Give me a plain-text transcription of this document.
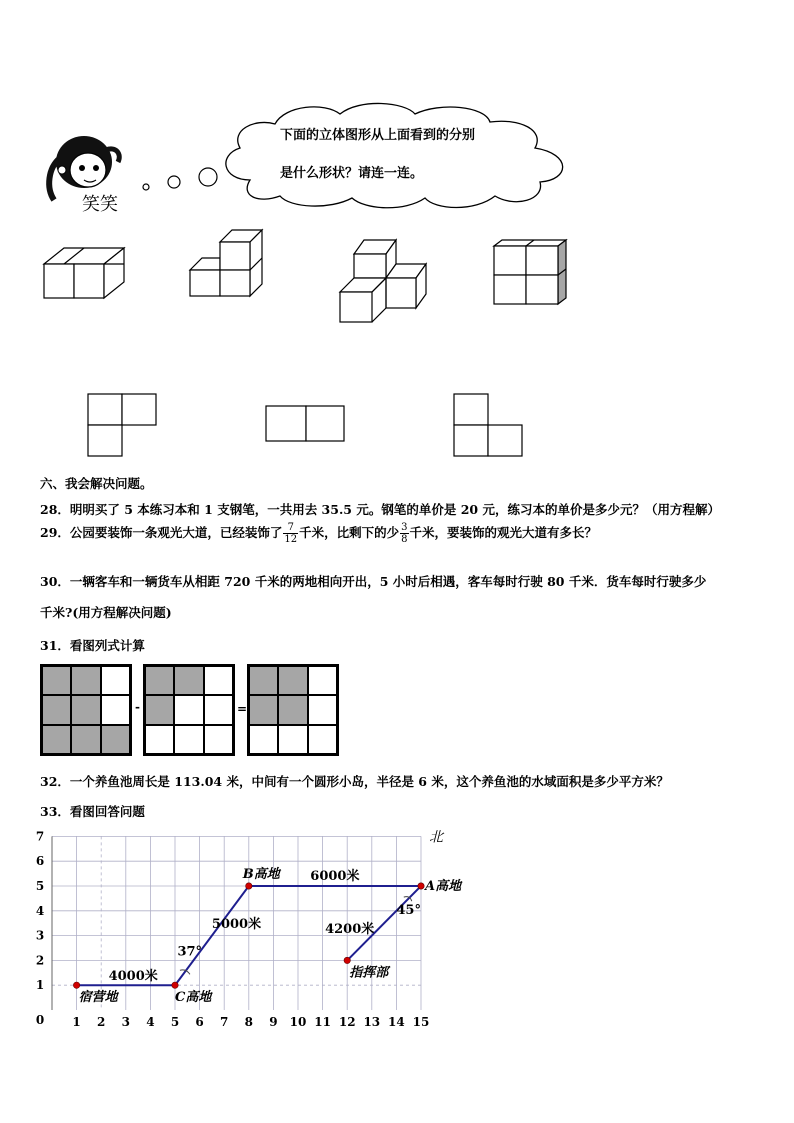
笑笑
下面的立体图形从上面看到的分别
是什么形状？请连一连。
六、我会解决问题。
28．明明买了 5 本练习本和 1 支钢笔，一共用去 35.5 元。钢笔的单价是 20 元，练习本的单价是多少元？（用方程解）
29．公园要装饰一条观光大道，已经装饰了 $\frac{7}{12}$ 千米，比剩下的少 $\frac{3}{8}$ 千米，要装饰的观光大道有多长？
30．一辆客车和一辆货车从相距 720 千米的两地相向开出，5 小时后相遇，客车每时行驶 80 千米．货车每时行驶多少
千米?(用方程解决问题)
31．看图列式计算
-	=
32．一个养鱼池周长是 113.04 米，中间有一个圆形小岛，半径是 6 米，这个养鱼池的水域面积是多少平方米？
33．看图回答问题
1 2 3 4 5 6 7 8 9 10 11 12 13 14 15
1
2
3
4
5
6
7
0
北
B高地
A高地
C高地
指挥部
宿营地
6000米
5000米
4000米
4200米
37°
45°
